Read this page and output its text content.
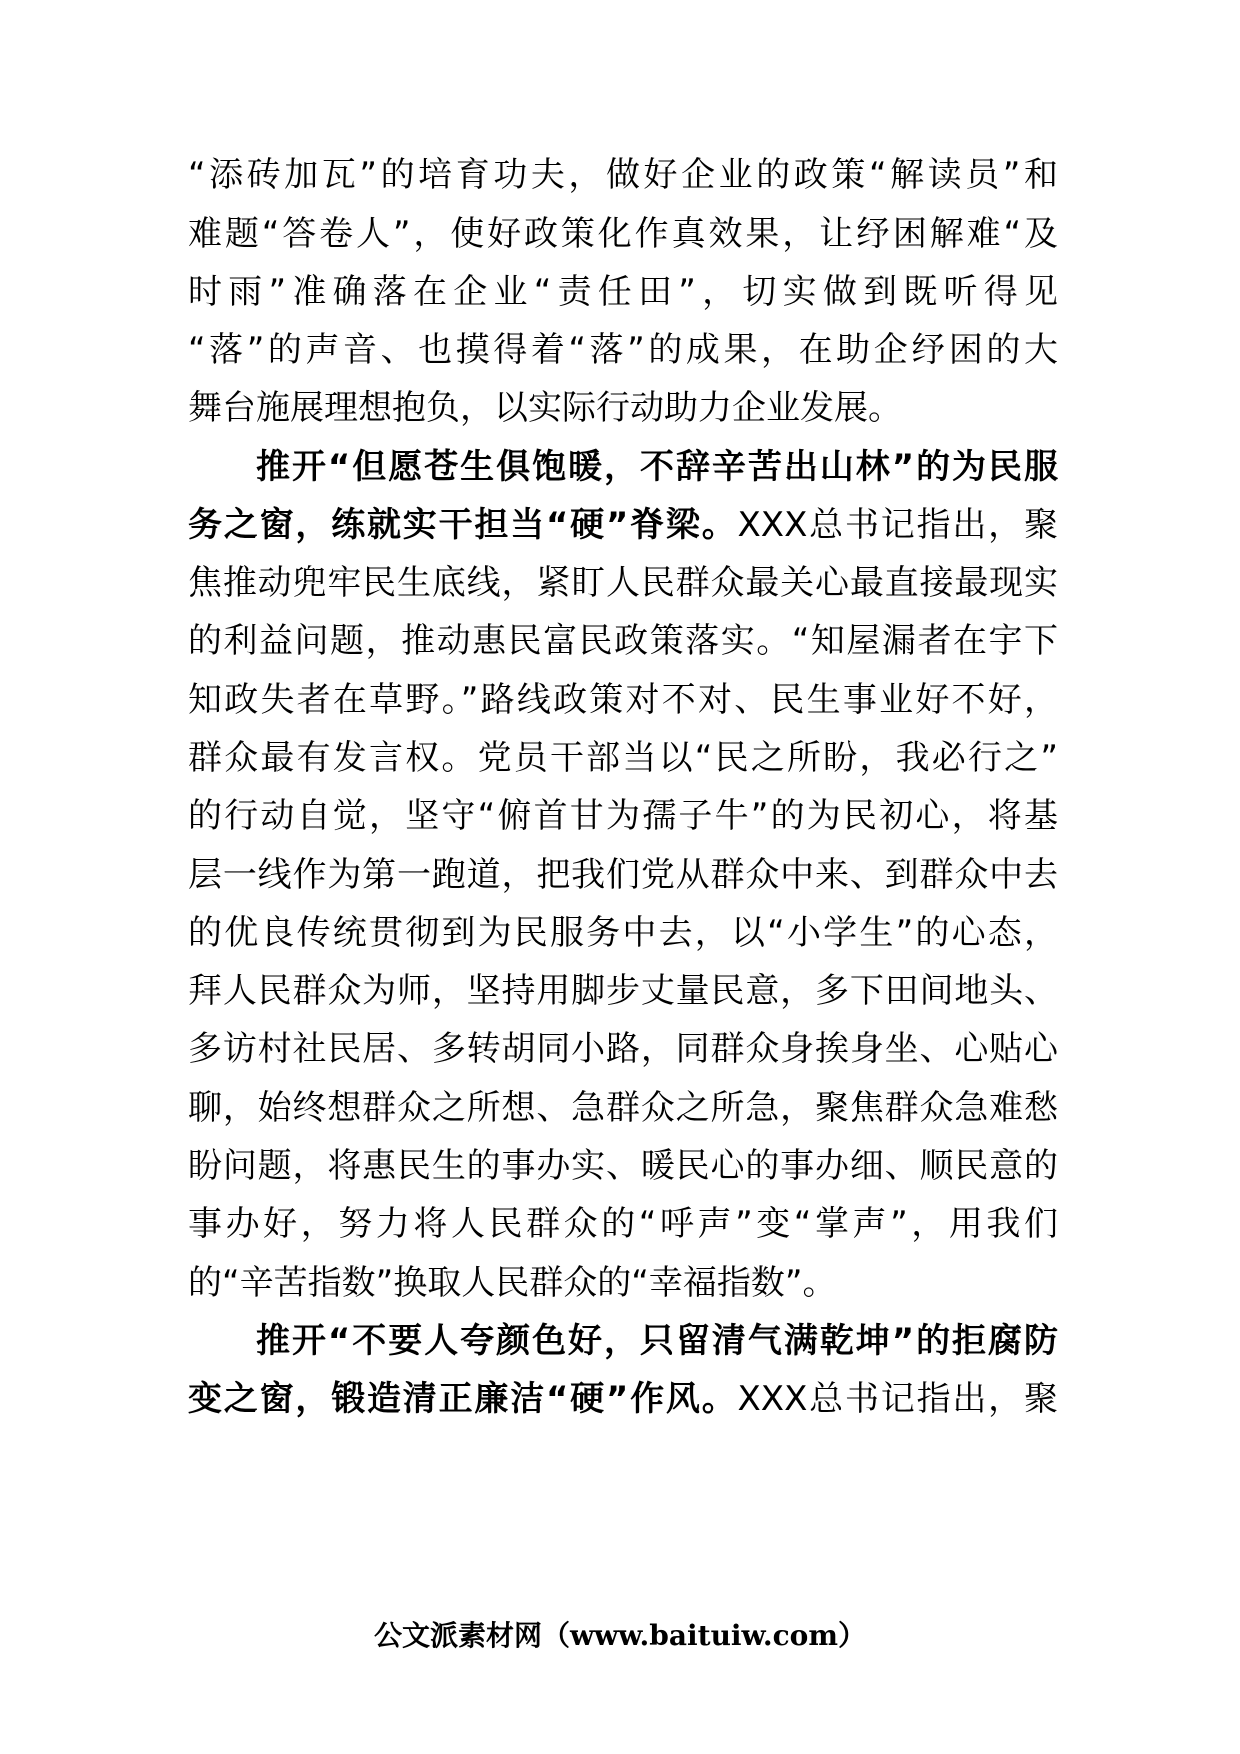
“添砖加瓦”的培育功夫，做好企业的政策“解读员”和
难题“答卷人”，使好政策化作真效果，让纾困解难“及
时雨”准确落在企业“责任田”，切实做到既听得见
“落”的声音、也摸得着“落”的成果，在助企纾困的大
舞台施展理想抱负，以实际行动助力企业发展。
推开“但愿苍生俱饱暖，不辞辛苦出山林”的为民服
务之窗，练就实干担当“硬”脊梁。XXX总书记指出，聚
焦推动兜牢民生底线，紧盯人民群众最关心最直接最现实
的利益问题，推动惠民富民政策落实。“知屋漏者在宇下
知政失者在草野。”路线政策对不对、民生事业好不好，
群众最有发言权。党员干部当以“民之所盼，我必行之”
的行动自觉，坚守“俯首甘为孺子牛”的为民初心，将基
层一线作为第一跑道，把我们党从群众中来、到群众中去
的优良传统贯彻到为民服务中去，以“小学生”的心态，
拜人民群众为师，坚持用脚步丈量民意，多下田间地头、
多访村社民居、多转胡同小路，同群众身挨身坐、心贴心
聊，始终想群众之所想、急群众之所急，聚焦群众急难愁
盼问题，将惠民生的事办实、暖民心的事办细、顺民意的
事办好，努力将人民群众的“呼声”变“掌声”，用我们
的“辛苦指数”换取人民群众的“幸福指数”。
推开“不要人夸颜色好，只留清气满乾坤”的拒腐防
变之窗，锻造清正廉洁“硬”作风。XXX总书记指出，聚
公文派素材网（www.baituiw.com）
